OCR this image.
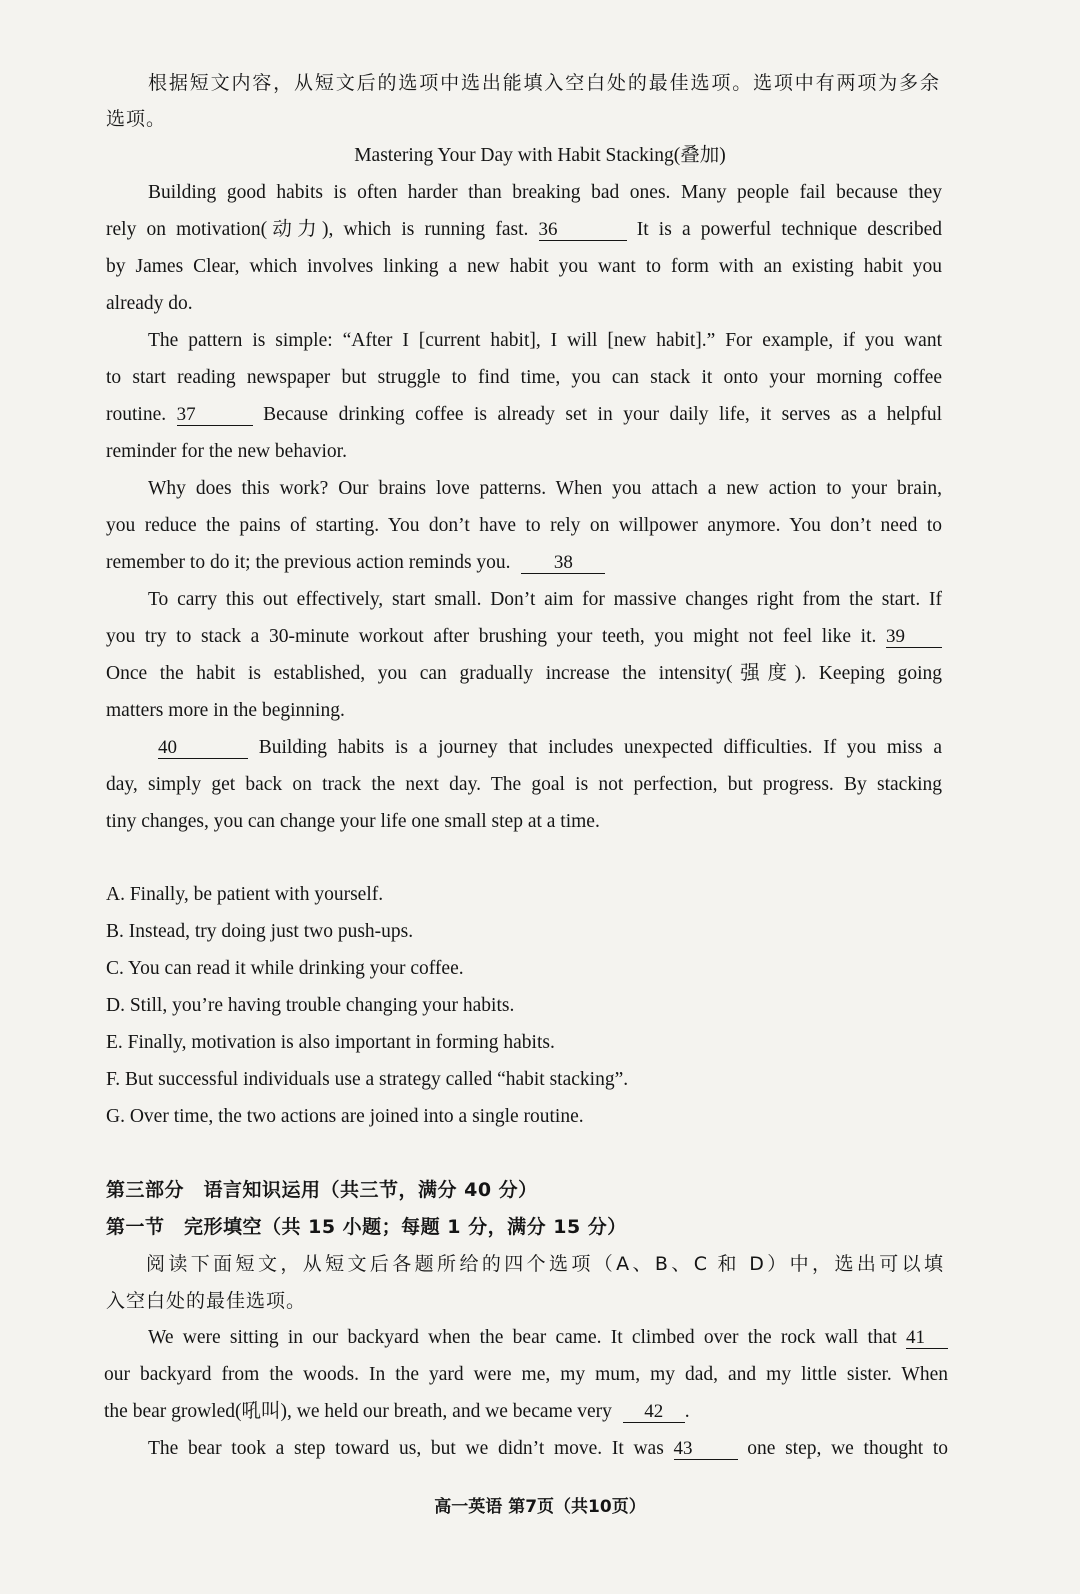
根据短文内容，从短文后的选项中选出能填入空白处的最佳选项。选项中有两项为多余
选项。
Mastering Your Day with Habit Stacking(叠加)
Building good habits is often harder than breaking bad ones. Many people fail because they
rely on motivation(动力), which is running fast. 36	It is a powerful technique described
by James Clear, which involves linking a new habit you want to form with an existing habit you
already do.
The pattern is simple: “After I [current habit], I will [new habit].” For example, if you want
to start reading newspaper but struggle to find time, you can stack it onto your morning coffee
routine. 37	Because drinking coffee is already set in your daily life, it serves as a helpful
reminder for the new behavior.
Why does this work? Our brains love patterns. When you attach a new action to your brain,
you reduce the pains of starting. You don’t have to rely on willpower anymore. You don’t need to
remember to do it; the previous action reminds you. 38
To carry this out effectively, start small. Don’t aim for massive changes right from the start. If
you try to stack a 30-minute workout after brushing your teeth, you might not feel like it. 39
Once the habit is established, you can gradually increase the intensity(强度). Keeping going
matters more in the beginning.
40	Building habits is a journey that includes unexpected difficulties. If you miss a
day, simply get back on track the next day. The goal is not perfection, but progress. By stacking
tiny changes, you can change your life one small step at a time.
A. Finally, be patient with yourself.
B. Instead, try doing just two push-ups.
C. You can read it while drinking your coffee.
D. Still, you’re having trouble changing your habits.
E. Finally, motivation is also important in forming habits.
F. But successful individuals use a strategy called “habit stacking”.
G. Over time, the two actions are joined into a single routine.
第三部分　语言知识运用（共三节，满分 40 分）
第一节　完形填空（共 15 小题；每题 1 分，满分 15 分）
阅读下面短文，从短文后各题所给的四个选项（A、B、C 和 D）中，选出可以填
入空白处的最佳选项。
We were sitting in our backyard when the bear came. It climbed over the rock wall that 41
our backyard from the woods. In the yard were me, my mum, my dad, and my little sister. When
the bear growled(吼叫), we held our breath, and we became very 42 .
The bear took a step toward us, but we didn’t move. It was 43	one step, we thought to
高一英语 第7页（共10页）
